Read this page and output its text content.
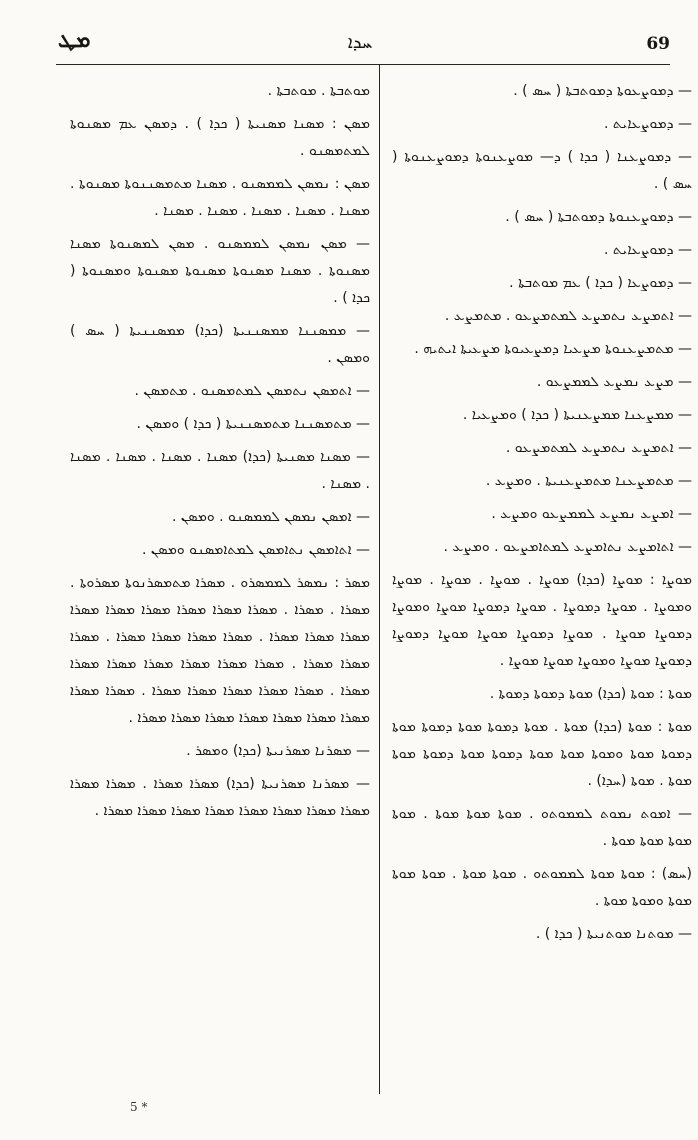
ܡܛ	ܚܕܐ	69

ܡܘܬܒܬܐ . ܡܘܬܒܬܐ .

ܡܣܢ : ܡܣܢܐ ܡܣܢܝܬܐ ( ܟܕܐ ) . ܕܡܣܢ ܥܡ ܡܣܢܘܬܐ ܠܡܬܡܣܢܘ .

ܡܣܢ : ܢܡܣܢ ܠܡܡܣܢܘ . ܡܣܢܐ ܡܬܡܣܢܢܘܬܐ ܡܣܢܘܬܐ . ܡܣܢܐ . ܡܣܢܐ . ܡܣܢܐ . ܡܣܢܐ . ܡܣܢܐ .

— ܡܣܢ ܢܡܣܢ ܠܡܡܣܢܘ . ܡܣܢ ܠܡܣܢܘܬܐ ܡܣܢܐ ܡܣܢܘܬܐ . ܡܣܢܐ ܡܣܢܘܬܐ ܡܣܢܘܬܐ ܡܣܢܘܬܐ ܘܡܣܢܘܬܐ ( ܟܕܐ ) .

— ܡܡܣܢܢܐ ܡܡܣܢܢܝܬܐ (ܟܕܐ) ܡܡܣܢܢܝܬܐ ( ܚܣ ) ܘܡܣܢ .

— ܐܬܡܣܢ ܢܬܡܣܢ ܠܡܬܡܣܢܘ . ܡܬܡܣܢ .

— ܡܬܡܣܢܢܐ ܡܬܡܣܢܢܝܬܐ ( ܟܕܐ ) ܘܡܣܢ .

— ܡܣܢܐ ܡܣܢܝܬܐ (ܟܕܐ) ܡܣܢܐ . ܡܣܢܐ . ܡܣܢܐ . ܡܣܢܐ . ܡܣܢܐ .

— ܐܡܣܢ ܢܡܣܢ ܠܡܡܣܢܘ . ܘܡܣܢ .

— ܐܬܐܡܣܢ ܢܬܐܡܣܢ ܠܡܬܐܡܣܢܘ ܘܡܣܢ .

ܡܣܪ : ܢܡܣܪ ܠܡܡܣܪܘ . ܡܣܪܐ ܡܬܡܣܪܢܘܬܐ ܡܣܪܘܬܐ . ܡܣܪܐ . ܡܣܪܐ . ܡܣܪܐ ܡܣܪܐ ܡܣܪܐ ܡܣܪܐ ܡܣܪܐ ܡܣܪܐ ܡܣܪܐ ܡܣܪܐ ܡܣܪܐ . ܡܣܪܐ ܡܣܪܐ ܡܣܪܐ ܡܣܪܐ . ܡܣܪܐ ܡܣܪܐ ܡܣܪܐ . ܡܣܪܐ ܡܣܪܐ ܡܣܪܐ ܡܣܪܐ ܡܣܪܐ ܡܣܪܐ ܡܣܪܐ . ܡܣܪܐ ܡܣܪܐ ܡܣܪܐ ܡܣܪܐ ܡܣܪܐ . ܡܣܪܐ ܡܣܪܐ ܡܣܪܐ ܡܣܪܐ ܡܣܪܐ ܡܣܪܐ ܡܣܪܐ ܡܣܪܐ ܡܣܪܐ .

— ܡܣܪܢܐ ܡܣܪܢܝܬܐ (ܟܕܐ) ܘܡܣܪ .

— ܡܣܪܢܐ ܡܣܪܢܝܬܐ (ܟܕܐ) ܡܣܪܐ ܡܣܪܐ . ܡܣܪܐ ܡܣܪܐ ܡܣܪܐ ܡܣܪܐ ܡܣܪܐ ܡܣܪܐ ܡܣܪܐ ܡܣܪܐ ܡܣܪܐ ܡܣܪܐ .

— ܕܡܘܨܥܘܬܐ ܕܡܘܬܒܬܐ ( ܚܣ ) .

— ܕܡܘܨܥܐܝܬ .

— ܕܡܘܨܥܢܐ ( ܟܕܐ ) ܕ— ܡܘܨܥܢܘܬܐ ܕܡܘܨܥܢܘܬܐ ( ܚܣ ) .

— ܕܡܘܨܥܢܘܬܐ ܕܡܘܬܒܬܐ ( ܚܣ ) .

— ܕܡܘܨܥܐܝܬ .

— ܕܡܘܨܥܐ ( ܟܕܐ ) ܥܡ ܡܘܬܒܬܐ .

— ܐܬܡܨܥ ܢܬܡܨܥ ܠܡܬܡܨܥܘ . ܡܬܡܨܥ .

— ܡܬܡܨܥܢܘܬܐ ܡܨܥܝܐ ܕܡܨܥܝܘܬܐ ܡܨܥܝܬܐ ܐܝܬܝܗ .

— ܡܨܥ ܢܡܨܥ ܠܡܡܨܥܘ .

— ܡܡܨܥܢܐ ܡܡܨܥܢܝܬܐ ( ܟܕܐ ) ܘܡܨܥܝܐ .

— ܐܬܡܨܥ ܢܬܡܨܥ ܠܡܬܡܨܥܘ .

— ܡܬܡܨܥܢܐ ܡܬܡܨܥܢܝܬܐ . ܘܡܨܥ .

— ܐܡܨܥ ܢܡܨܥ ܠܡܡܨܥܘ ܘܡܨܥ .

— ܐܬܐܡܨܥ ܢܬܐܡܨܥ ܠܡܬܐܡܨܥܘ . ܘܡܨܥ .

ܡܘܨܐ : ܡܘܨܐ (ܟܕܐ) ܡܘܨܐ . ܡܘܨܐ . ܡܘܨܐ . ܡܘܨܐ ܘܡܘܨܐ . ܡܘܨܐ ܕܡܘܨܐ . ܡܘܨܐ ܕܡܘܨܐ ܡܘܨܐ ܘܡܘܨܐ ܕܡܘܨܐ ܡܘܨܐ . ܡܘܨܐ ܕܡܘܨܐ ܡܘܨܐ ܡܘܨܐ ܕܡܘܨܐ ܕܡܘܨܐ ܡܘܨܐ ܘܡܘܨܐ ܡܘܨܐ ܡܘܨܐ .

ܡܘܬܐ : ܡܘܬܐ (ܟܕܐ) ܡܘܬܐ ܕܡܘܬܐ ܕܡܘܬܐ .

ܡܘܬܐ : ܡܘܬܐ (ܟܕܐ) ܡܘܬܐ . ܡܘܬܐ ܕܡܘܬܐ ܡܘܬܐ ܕܡܘܬܐ ܡܘܬܐ ܕܡܘܬܐ ܡܘܬܐ ܘܡܘܬܐ ܡܘܬܐ ܡܘܬܐ ܕܡܘܬܐ ܡܘܬܐ ܕܡܘܬܐ ܡܘܬܐ ܡܘܬܐ . ܡܘܬܐ (ܚܕܐ) .

— ܐܡܘܬ ܢܡܘܬ ܠܡܡܘܬܘ . ܡܘܬܐ ܡܘܬܐ ܡܘܬܐ . ܡܘܬܐ ܡܘܬܐ ܡܘܬܐ ܡܘܬܐ .

(ܚܣ) : ܡܘܬܐ ܡܘܬܐ ܠܡܡܘܬܘ . ܡܘܬܐ ܡܘܬܐ . ܡܘܬܐ ܡܘܬܐ ܡܘܬܐ ܘܡܘܬܐ ܡܘܬܐ .

— ܡܘܬܢܐ ܡܘܬܢܝܬܐ ( ܟܕܐ ) .

5 *
